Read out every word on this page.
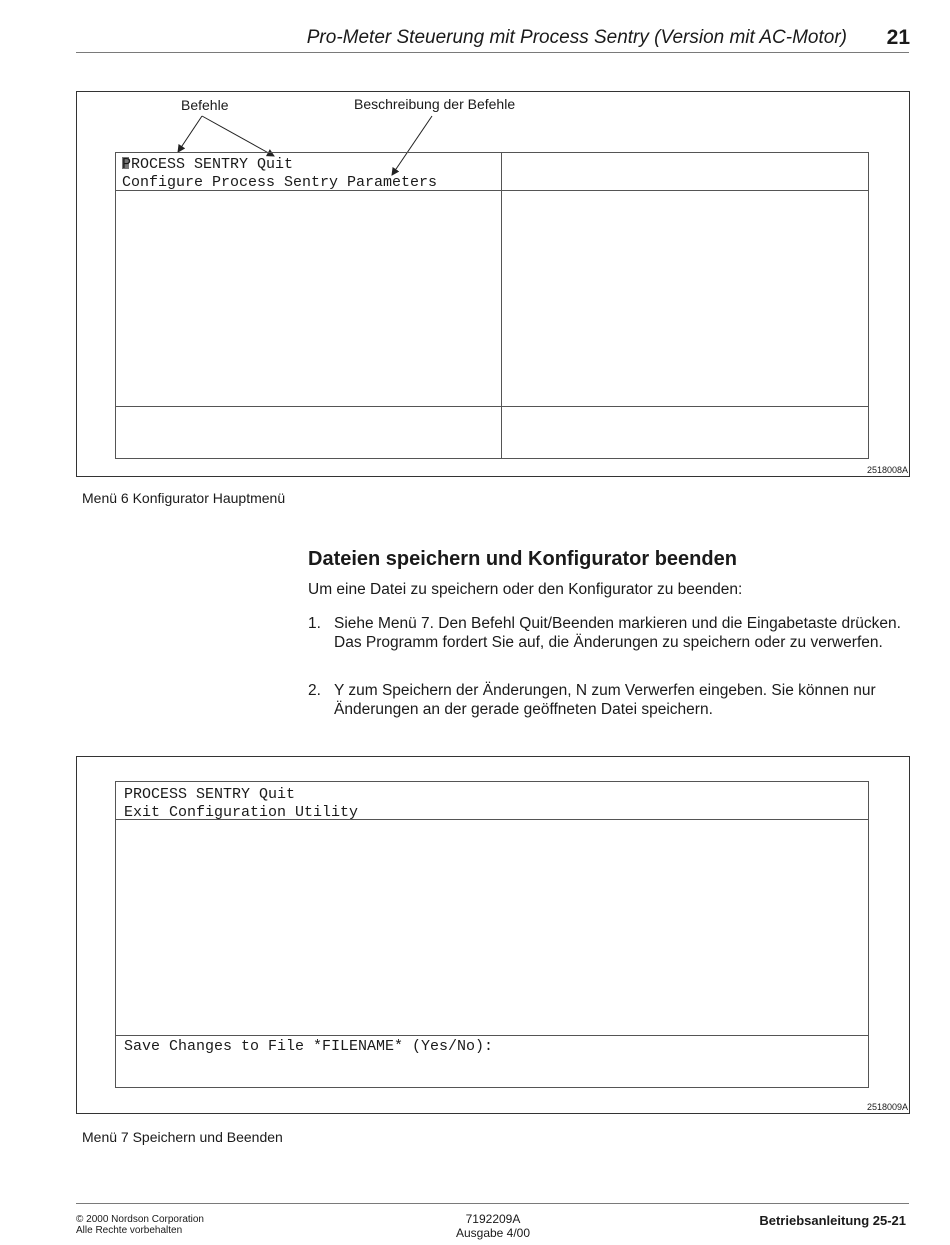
Pro-Meter Steuerung mit Process Sentry (Version mit AC-Motor)	21
Befehle	Beschreibung der Befehle
PROCESS SENTRY Quit
Configure Process Sentry Parameters
2518008A
Menü 6 Konfigurator Hauptmenü
Dateien speichern und Konfigurator beenden
Um eine Datei zu speichern oder den Konfigurator zu beenden:
1. Siehe Menü 7. Den Befehl Quit/Beenden markieren und die Eingabetaste drücken. Das Programm fordert Sie auf, die Änderungen zu speichern oder zu verwerfen.
2. Y zum Speichern der Änderungen, N zum Verwerfen eingeben. Sie können nur Änderungen an der gerade geöffneten Datei speichern.
PROCESS SENTRY Quit
Exit Configuration Utility
Save Changes to File *FILENAME* (Yes/No):
2518009A
Menü 7 Speichern und Beenden
© 2000 Nordson Corporation
Alle Rechte vorbehalten
7192209A
Ausgabe 4/00
Betriebsanleitung 25-21
